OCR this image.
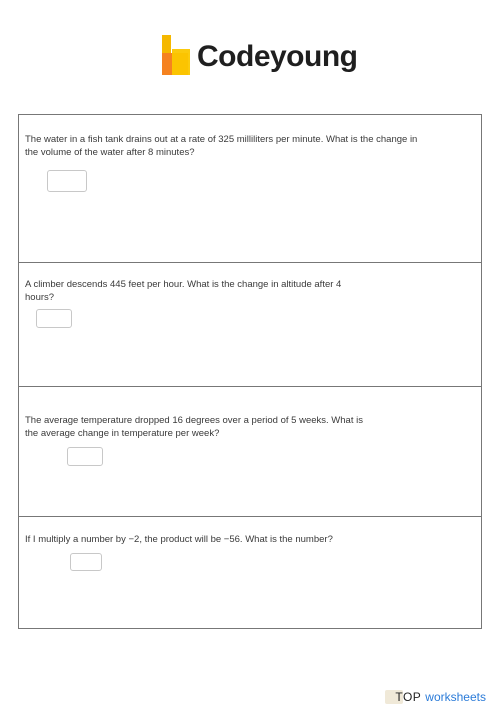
Codeyoung
The water in a fish tank drains out at a rate of 325 milliliters per minute. What is the change in the volume of the water after 8 minutes?
A climber descends 445 feet per hour. What is the change in altitude after 4 hours?
The average temperature dropped 16 degrees over a period of 5 weeks. What is the average change in temperature per week?
If I multiply a number by −2, the product will be −56. What is the number?
TOP worksheets
